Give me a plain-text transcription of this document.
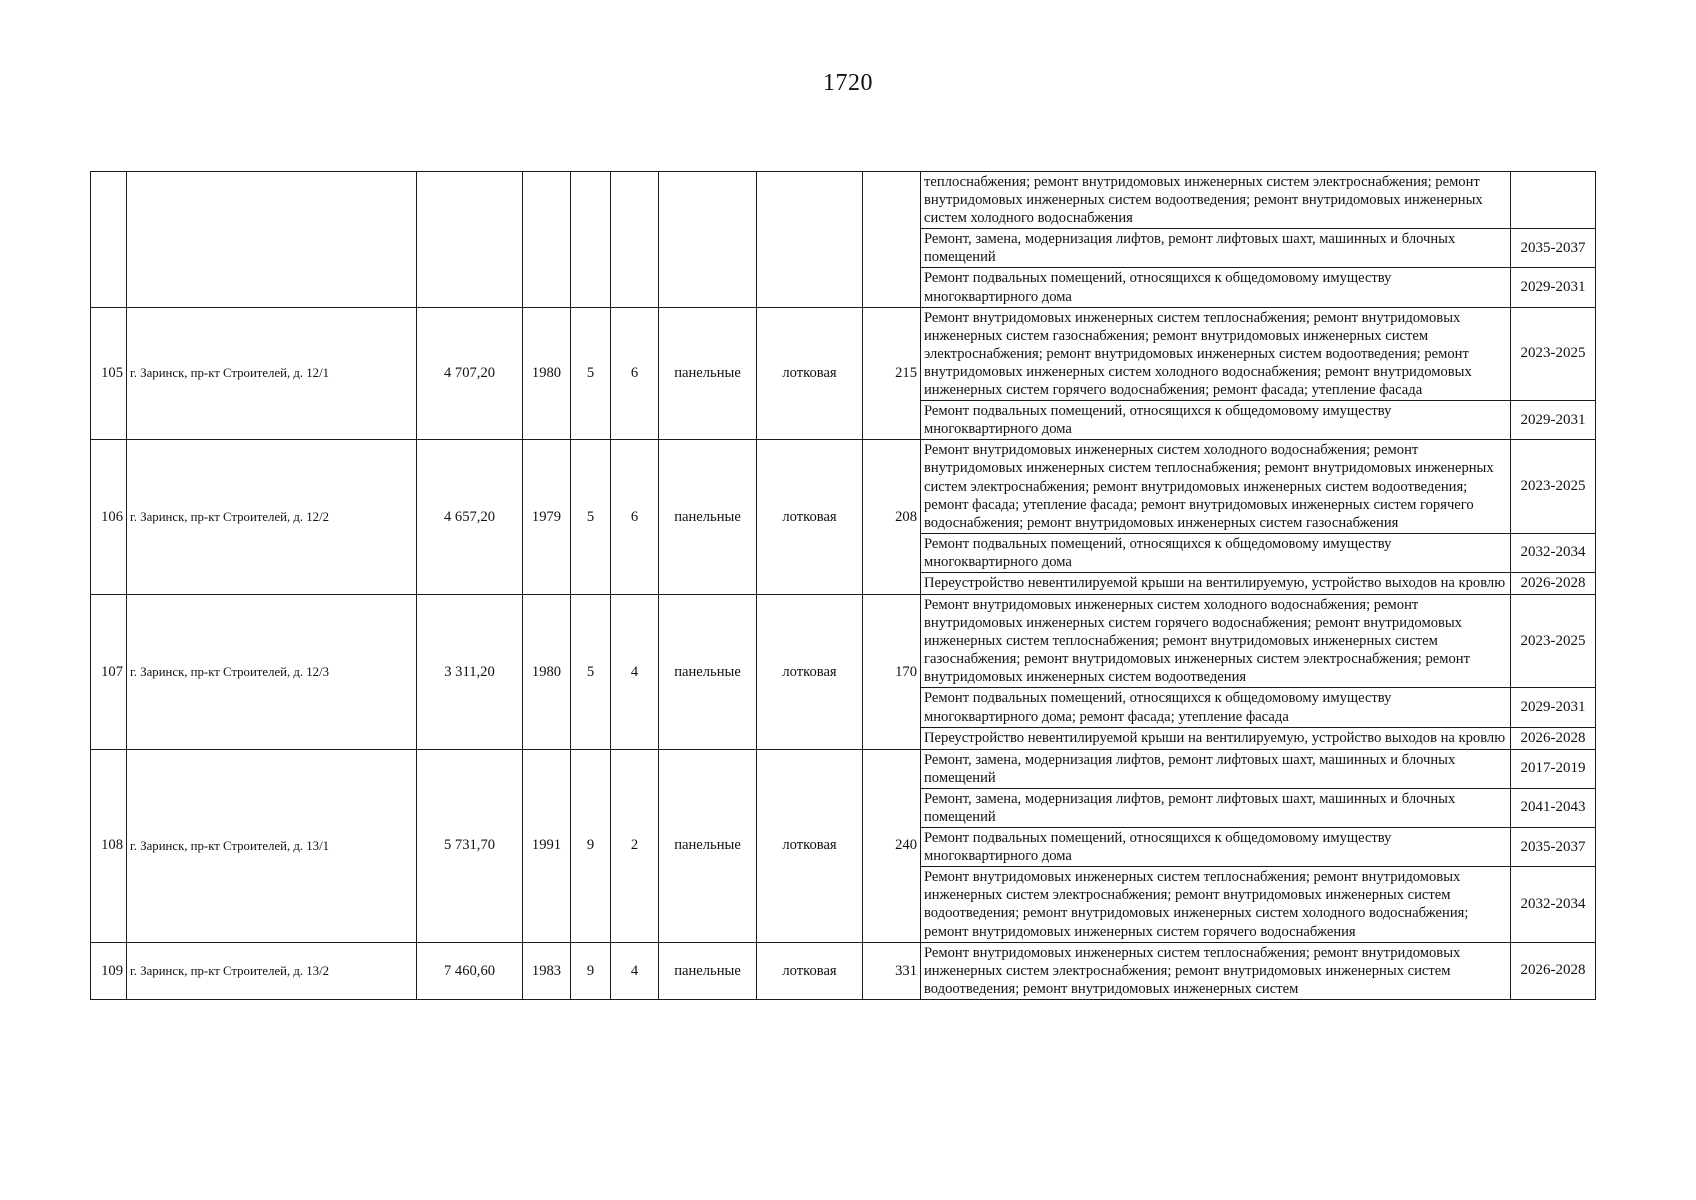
1720
									теплоснабжения; ремонт внутридомовых инженерных систем электроснабжения; ремонт внутридомовых инженерных систем водоотведения; ремонт внутридомовых инженерных систем холодного водоснабжения	
									Ремонт, замена, модернизация лифтов, ремонт лифтовых шахт, машинных и блочных помещений	2035-2037
									Ремонт подвальных помещений, относящихся к общедомовому имуществу многоквартирного дома	2029-2031
105	г. Заринск, пр-кт Строителей, д. 12/1	4 707,20	1980	5	6	панельные	лотковая	215	Ремонт внутридомовых инженерных систем теплоснабжения; ремонт внутридомовых инженерных систем газоснабжения; ремонт внутридомовых инженерных систем электроснабжения; ремонт внутридомовых инженерных систем водоотведения; ремонт внутридомовых инженерных систем холодного водоснабжения; ремонт внутридомовых инженерных систем горячего водоснабжения; ремонт фасада; утепление фасада	2023-2025
									Ремонт подвальных помещений, относящихся к общедомовому имуществу многоквартирного дома	2029-2031
106	г. Заринск, пр-кт Строителей, д. 12/2	4 657,20	1979	5	6	панельные	лотковая	208	Ремонт внутридомовых инженерных систем холодного водоснабжения; ремонт внутридомовых инженерных систем теплоснабжения; ремонт внутридомовых инженерных систем электроснабжения; ремонт внутридомовых инженерных систем водоотведения; ремонт фасада; утепление фасада; ремонт внутридомовых инженерных систем горячего водоснабжения; ремонт внутридомовых инженерных систем газоснабжения	2023-2025
									Ремонт подвальных помещений, относящихся к общедомовому имуществу многоквартирного дома	2032-2034
									Переустройство невентилируемой крыши на вентилируемую, устройство выходов на кровлю	2026-2028
107	г. Заринск, пр-кт Строителей, д. 12/3	3 311,20	1980	5	4	панельные	лотковая	170	Ремонт внутридомовых инженерных систем холодного водоснабжения; ремонт внутридомовых инженерных систем горячего водоснабжения; ремонт внутридомовых инженерных систем теплоснабжения; ремонт внутридомовых инженерных систем газоснабжения; ремонт внутридомовых инженерных систем электроснабжения; ремонт внутридомовых инженерных систем водоотведения	2023-2025
									Ремонт подвальных помещений, относящихся к общедомовому имуществу многоквартирного дома; ремонт фасада; утепление фасада	2029-2031
									Переустройство невентилируемой крыши на вентилируемую, устройство выходов на кровлю	2026-2028
108	г. Заринск, пр-кт Строителей, д. 13/1	5 731,70	1991	9	2	панельные	лотковая	240	Ремонт, замена, модернизация лифтов, ремонт лифтовых шахт, машинных и блочных помещений	2017-2019
									Ремонт, замена, модернизация лифтов, ремонт лифтовых шахт, машинных и блочных помещений	2041-2043
									Ремонт подвальных помещений, относящихся к общедомовому имуществу многоквартирного дома	2035-2037
									Ремонт внутридомовых инженерных систем теплоснабжения; ремонт внутридомовых инженерных систем электроснабжения; ремонт внутридомовых инженерных систем водоотведения; ремонт внутридомовых инженерных систем холодного водоснабжения; ремонт внутридомовых инженерных систем горячего водоснабжения	2032-2034
109	г. Заринск, пр-кт Строителей, д. 13/2	7 460,60	1983	9	4	панельные	лотковая	331	Ремонт внутридомовых инженерных систем теплоснабжения; ремонт внутридомовых инженерных систем электроснабжения; ремонт внутридомовых инженерных систем водоотведения; ремонт внутридомовых инженерных систем	2026-2028
